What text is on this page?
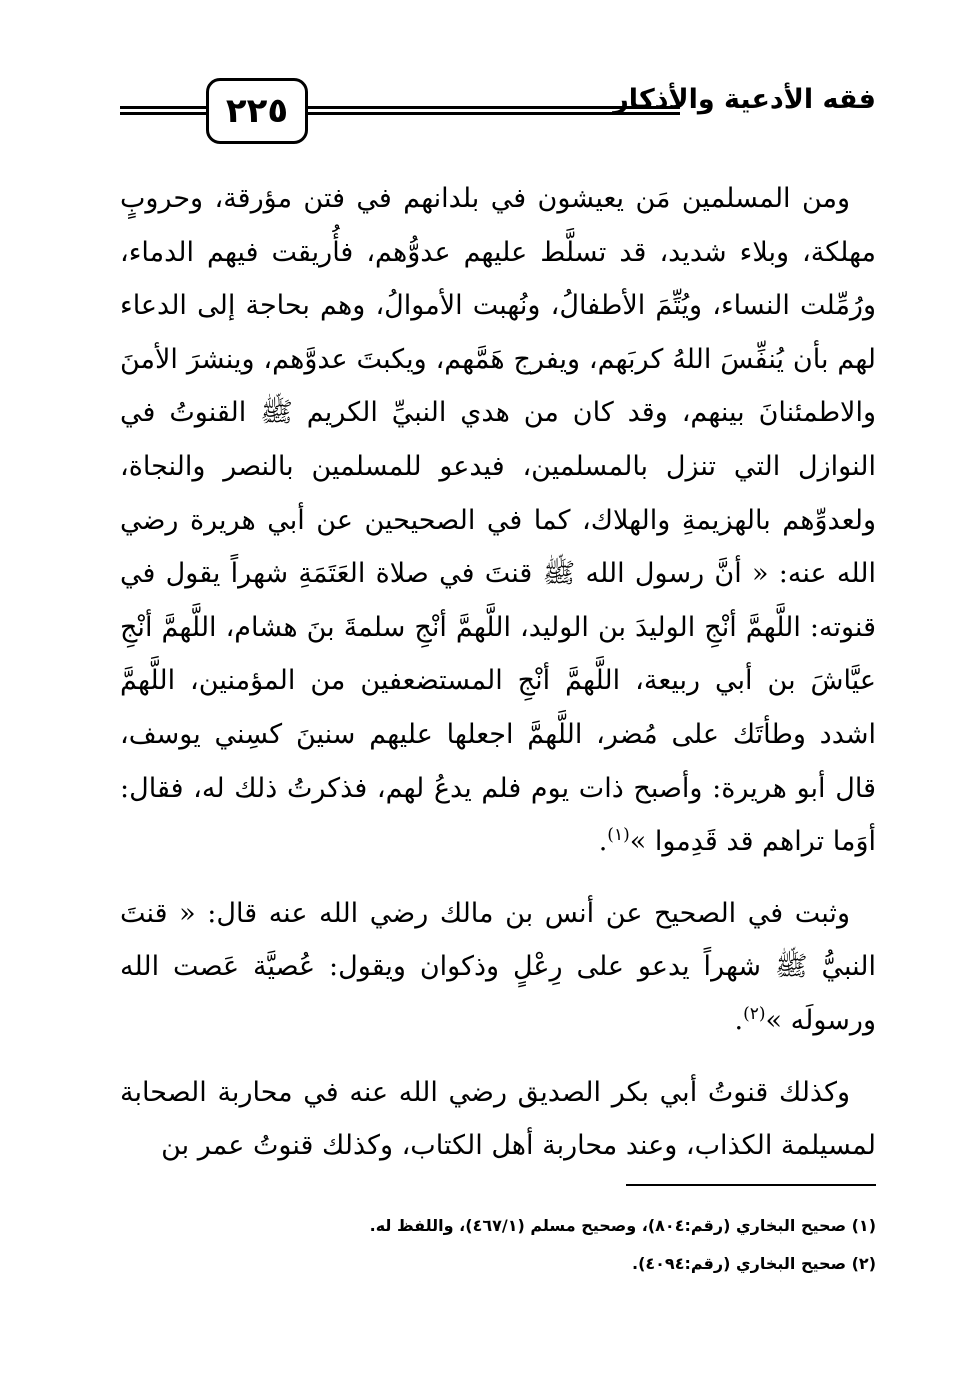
٢٢٥	فقه الأدعية والأذكار

ومن المسلمين مَن يعيشون في بلدانهم في فتن مؤرقة، وحروبٍ مهلكة، وبلاء شديد، قد تسلَّط عليهم عدوُّهم، فأُريقت فيهم الدماء، ورُمِّلت النساء، ويُتِّمَ الأطفالُ، ونُهبت الأموالُ، وهم بحاجة إلى الدعاء لهم بأن يُنفِّسَ اللهُ كربَهم، ويفرج هَمَّهم، ويكبتَ عدوَّهم، وينشرَ الأمنَ والاطمئنانَ بينهم، وقد كان من هدي النبيِّ الكريم ﷺ القنوتُ في النوازل التي تنزل بالمسلمين، فيدعو للمسلمين بالنصر والنجاة، ولعدوِّهم بالهزيمةِ والهلاك، كما في الصحيحين عن أبي هريرة رضي الله عنه: « أنَّ رسول الله ﷺ قنتَ في صلاة العَتَمَةِ شهراً يقول في قنوته: اللَّهمَّ أنْجِ الوليدَ بن الوليد، اللَّهمَّ أنْجِ سلمةَ بنَ هشام، اللَّهمَّ أنْجِ عيَّاشَ بن أبي ربيعة، اللَّهمَّ أنْجِ المستضعفين من المؤمنين، اللَّهمَّ اشدد وطأتَك على مُضر، اللَّهمَّ اجعلها عليهم سنينَ كسِني يوسف، قال أبو هريرة: وأصبح ذات يوم فلم يدعُ لهم، فذكرتُ ذلك له، فقال: أوَما تراهم قد قَدِموا »$^{(١)}$.

وثبت في الصحيح عن أنس بن مالك رضي الله عنه قال: « قنتَ النبيُّ ﷺ شهراً يدعو على رِعْلٍ وذكوان ويقول: عُصيَّة عَصت الله ورسولَه »$^{(٢)}$.

وكذلك قنوتُ أبي بكر الصديق رضي الله عنه في محاربة الصحابة لمسيلمة الكذاب، وعند محاربة أهل الكتاب، وكذلك قنوتُ عمر بن

(١) صحيح البخاري (رقم:٨٠٤)، وصحيح مسلم (٤٦٧/١)، واللفظ له.
(٢) صحيح البخاري (رقم:٤٠٩٤).
